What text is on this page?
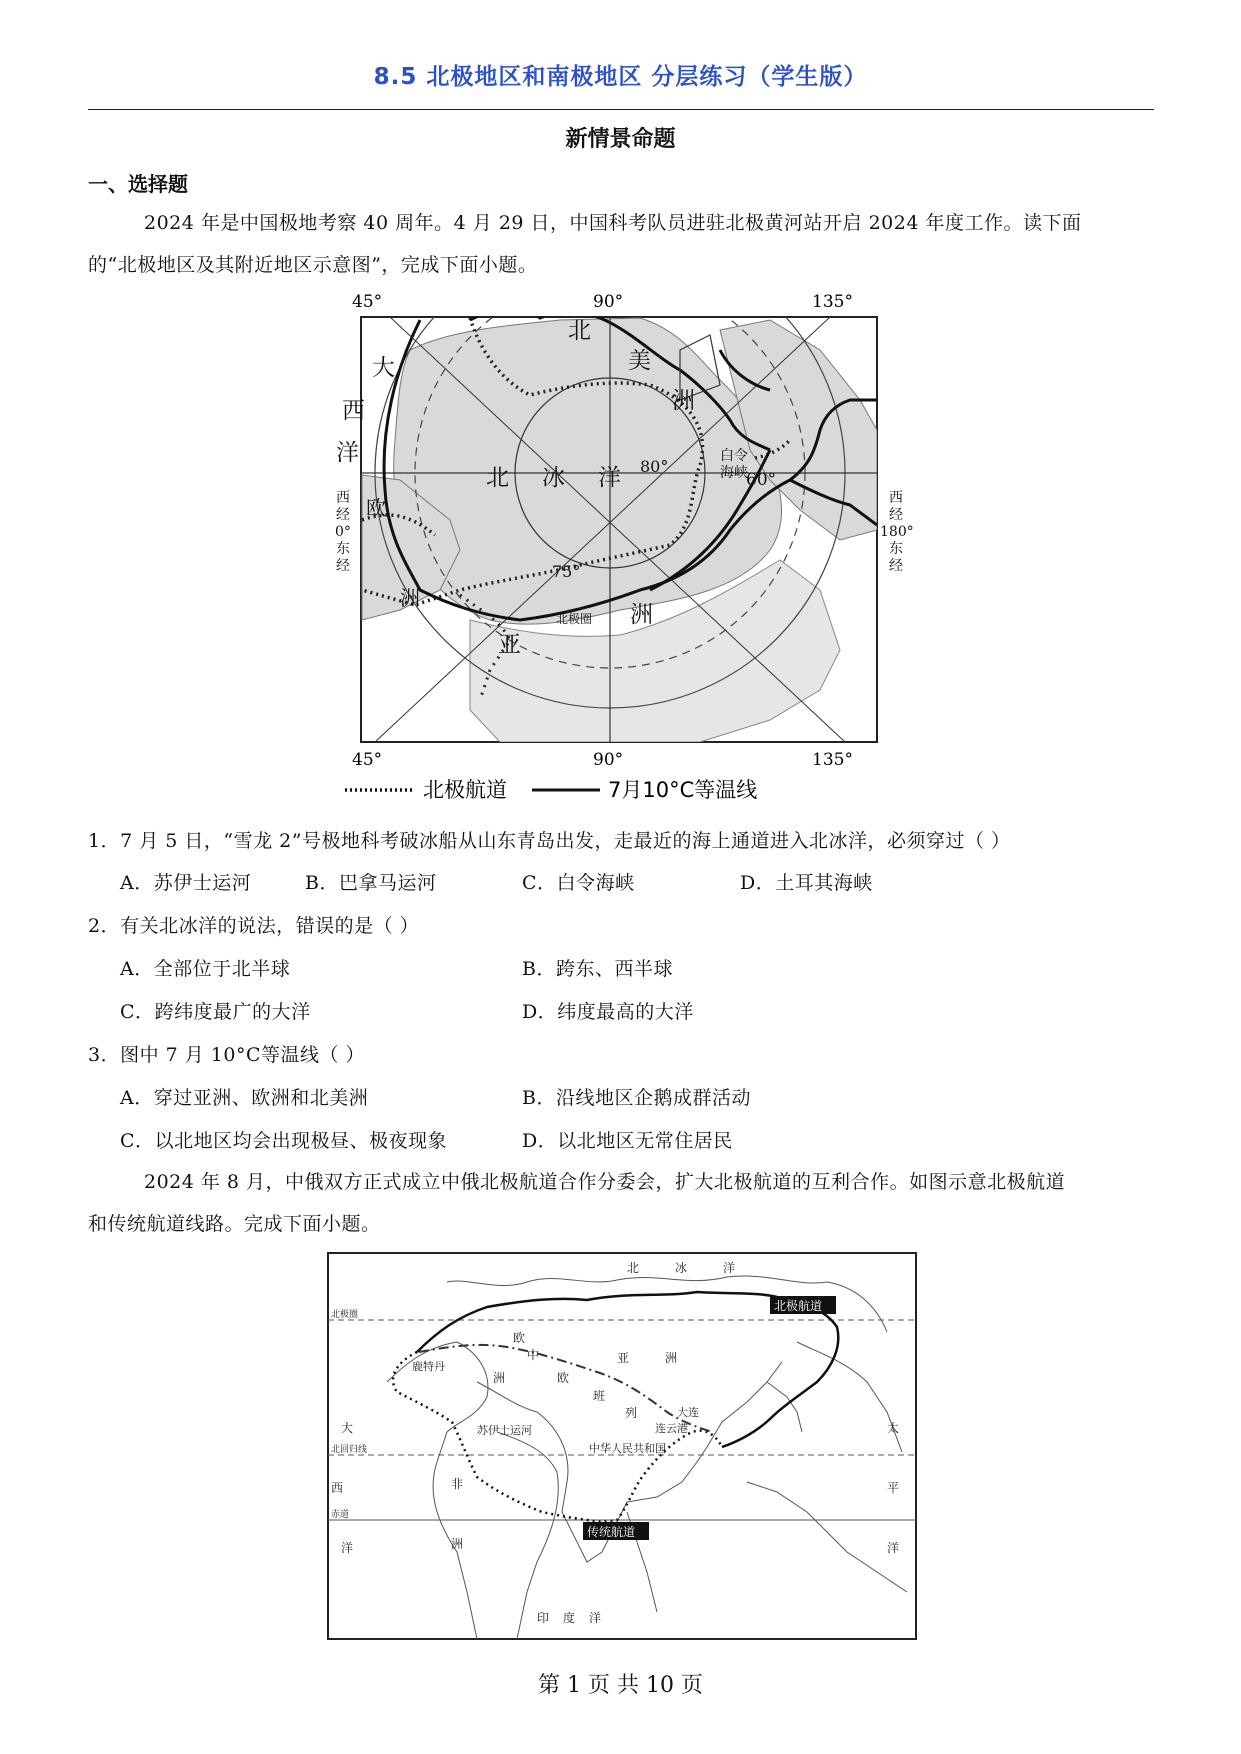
8.5 北极地区和南极地区 分层练习（学生版）
新情景命题
一、选择题
2024 年是中国极地考察 40 周年。4 月 29 日，中国科考队员进驻北极黄河站开启 2024 年度工作。读下面
的“北极地区及其附近地区示意图”，完成下面小题。
45°	90°	135°
北
美
洲
大
西
洋
北 冰 洋
欧
洲
亚
洲
白令
海峡
北极圈
80°
75°
60°
45°	90°	135°
北极航道	7月10°C等温线
西
经
0°
东
经
西
经
180°
东
经
1．7 月 5 日，“雪龙 2”号极地科考破冰船从山东青岛出发，走最近的海上通道进入北冰洋，必须穿过（ ）
A．苏伊士运河	B．巴拿马运河	C．白令海峡	D．土耳其海峡
2．有关北冰洋的说法，错误的是（ ）
A．全部位于北半球	B．跨东、西半球
C．跨纬度最广的大洋	D．纬度最高的大洋
3．图中 7 月 10°C等温线（ ）
A．穿过亚洲、欧洲和北美洲	B．沿线地区企鹅成群活动
C．以北地区均会出现极昼、极夜现象	D．以北地区无常住居民
2024 年 8 月，中俄双方正式成立中俄北极航道合作分委会，扩大北极航道的互利合作。如图示意北极航道
和传统航道线路。完成下面小题。
北极航道
传统航道
北	冰	洋
北极圈
北回归线
赤道
鹿特丹
苏伊士运河
中华人民共和国
连云港
大连
欧
洲
中
欧
班
列
亚	洲
非
洲
大
西
洋
太
平
洋
印 度 洋
第 1 页 共 10 页
